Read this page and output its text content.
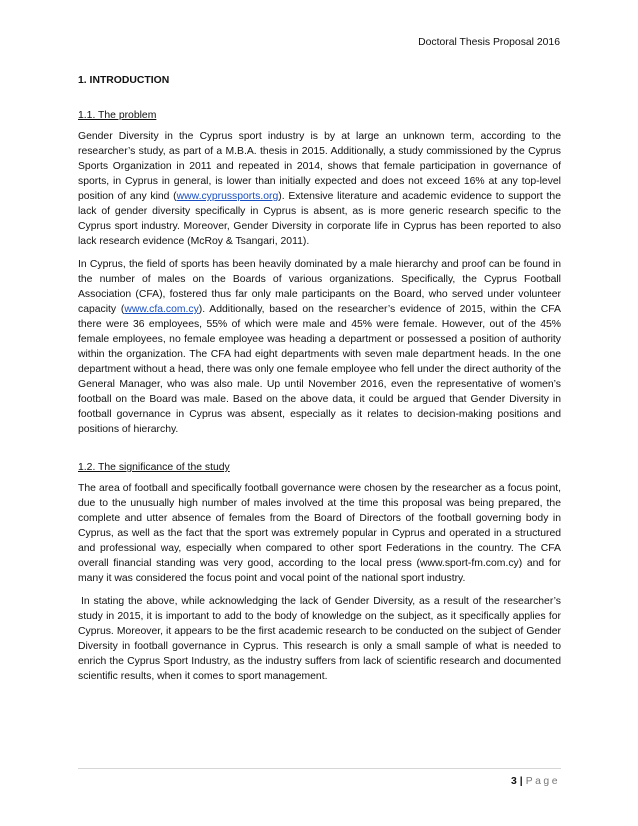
Doctoral Thesis Proposal 2016
1. INTRODUCTION
1.1. The problem

Gender Diversity in the Cyprus sport industry is by at large an unknown term, according to the researcher’s study, as part of a M.B.A. thesis in 2015. Additionally, a study commissioned by the Cyprus Sports Organization in 2011 and repeated in 2014, shows that female participation in governance of sports, in Cyprus in general, is lower than initially expected and does not exceed 16% at any top-level position of any kind (www.cyprussports.org). Extensive literature and academic evidence to support the lack of gender diversity specifically in Cyprus is absent, as is more generic research specific to the Cyprus sport industry. Moreover, Gender Diversity in corporate life in Cyprus has been reported to also lack research evidence (McRoy & Tsangari, 2011).

In Cyprus, the field of sports has been heavily dominated by a male hierarchy and proof can be found in the number of males on the Boards of various organizations. Specifically, the Cyprus Football Association (CFA), fostered thus far only male participants on the Board, who served under volunteer capacity (www.cfa.com.cy). Additionally, based on the researcher’s evidence of 2015, within the CFA there were 36 employees, 55% of which were male and 45% were female. However, out of the 45% female employees, no female employee was heading a department or possessed a position of authority within the organization. The CFA had eight departments with seven male department heads. In the one department without a head, there was only one female employee who fell under the direct authority of the General Manager, who was also male. Up until November 2016, even the representative of women’s football on the Board was male. Based on the above data, it could be argued that Gender Diversity in football governance in Cyprus was absent, especially as it relates to decision-making positions and positions of hierarchy.

1.2. The significance of the study

The area of football and specifically football governance were chosen by the researcher as a focus point, due to the unusually high number of males involved at the time this proposal was being prepared, the complete and utter absence of females from the Board of Directors of the football governing body in Cyprus, as well as the fact that the sport was extremely popular in Cyprus and operated in a structured and professional way, especially when compared to other sport Federations in the country. The CFA overall financial standing was very good, according to the local press (www.sport-fm.com.cy) and for many it was considered the focus point and vocal point of the national sport industry.

In stating the above, while acknowledging the lack of Gender Diversity, as a result of the researcher’s study in 2015, it is important to add to the body of knowledge on the subject, as it specifically applies for Cyprus. Moreover, it appears to be the first academic research to be conducted on the subject of Gender Diversity in football governance in Cyprus. This research is only a small sample of what is needed to enrich the Cyprus Sport Industry, as the industry suffers from lack of scientific research and documented scientific results, when it comes to sport management.

3 | Page
